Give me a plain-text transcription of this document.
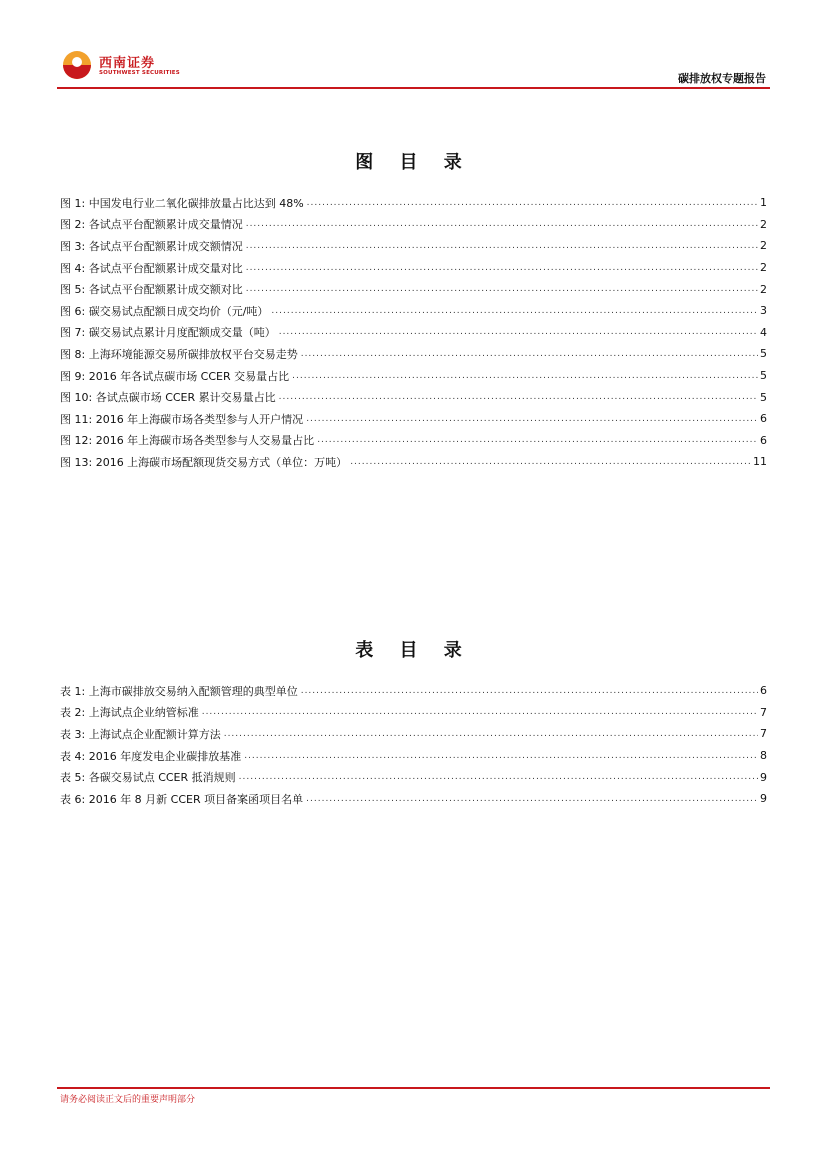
西南证券
SOUTHWEST SECURITIES	碳排放权专题报告
图 目 录
图 1: 中国发电行业二氧化碳排放量占比达到 48% .....	1
图 2: 各试点平台配额累计成交量情况 .....	2
图 3: 各试点平台配额累计成交额情况 .....	2
图 4: 各试点平台配额累计成交量对比 .....	2
图 5: 各试点平台配额累计成交额对比 .....	2
图 6: 碳交易试点配额日成交均价（元/吨） .....	3
图 7: 碳交易试点累计月度配额成交量（吨） .....	4
图 8: 上海环境能源交易所碳排放权平台交易走势 .....	5
图 9: 2016 年各试点碳市场 CCER 交易量占比 .....	5
图 10: 各试点碳市场 CCER 累计交易量占比 .....	5
图 11: 2016 年上海碳市场各类型参与人开户情况 .....	6
图 12: 2016 年上海碳市场各类型参与人交易量占比 .....	6
图 13: 2016 上海碳市场配额现货交易方式（单位：万吨） .....	11
表 目 录
表 1: 上海市碳排放交易纳入配额管理的典型单位 .....	6
表 2: 上海试点企业纳管标准 .....	7
表 3: 上海试点企业配额计算方法 .....	7
表 4: 2016 年度发电企业碳排放基准 .....	8
表 5: 各碳交易试点 CCER 抵消规则 .....	9
表 6: 2016 年 8 月新 CCER 项目备案函项目名单 .....	9
请务必阅读正文后的重要声明部分
